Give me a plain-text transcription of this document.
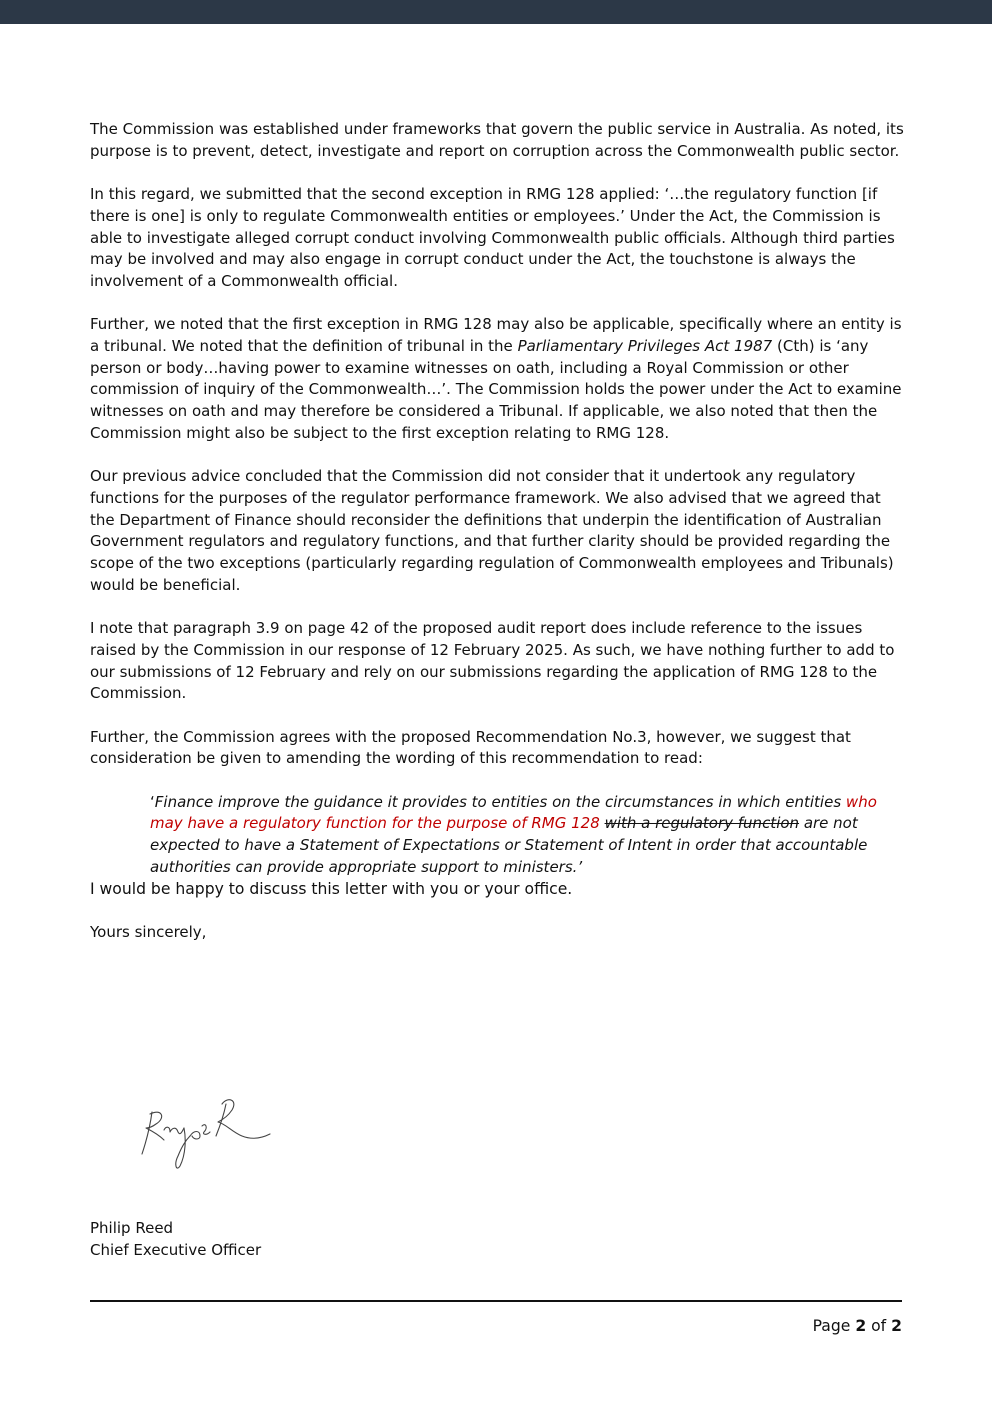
The Commission was established under frameworks that govern the public service in Australia. As noted, its purpose is to prevent, detect, investigate and report on corruption across the Commonwealth public sector.

In this regard, we submitted that the second exception in RMG 128 applied: ‘…the regulatory function [if there is one] is only to regulate Commonwealth entities or employees.’ Under the Act, the Commission is able to investigate alleged corrupt conduct involving Commonwealth public officials. Although third parties may be involved and may also engage in corrupt conduct under the Act, the touchstone is always the involvement of a Commonwealth official.

Further, we noted that the first exception in RMG 128 may also be applicable, specifically where an entity is a tribunal. We noted that the definition of tribunal in the Parliamentary Privileges Act 1987 (Cth) is ‘any person or body…having power to examine witnesses on oath, including a Royal Commission or other commission of inquiry of the Commonwealth…’. The Commission holds the power under the Act to examine witnesses on oath and may therefore be considered a Tribunal. If applicable, we also noted that then the Commission might also be subject to the first exception relating to RMG 128.

Our previous advice concluded that the Commission did not consider that it undertook any regulatory functions for the purposes of the regulator performance framework. We also advised that we agreed that the Department of Finance should reconsider the definitions that underpin the identification of Australian Government regulators and regulatory functions, and that further clarity should be provided regarding the scope of the two exceptions (particularly regarding regulation of Commonwealth employees and Tribunals) would be beneficial.

I note that paragraph 3.9 on page 42 of the proposed audit report does include reference to the issues raised by the Commission in our response of 12 February 2025. As such, we have nothing further to add to our submissions of 12 February and rely on our submissions regarding the application of RMG 128 to the Commission.

Further, the Commission agrees with the proposed Recommendation No.3, however, we suggest that consideration be given to amending the wording of this recommendation to read:

‘Finance improve the guidance it provides to entities on the circumstances in which entities who may have a regulatory function for the purpose of RMG 128 with a regulatory function are not expected to have a Statement of Expectations or Statement of Intent in order that accountable authorities can provide appropriate support to ministers.’

I would be happy to discuss this letter with you or your office.

Yours sincerely,

Philip Reed
Chief Executive Officer
Page 2 of 2
